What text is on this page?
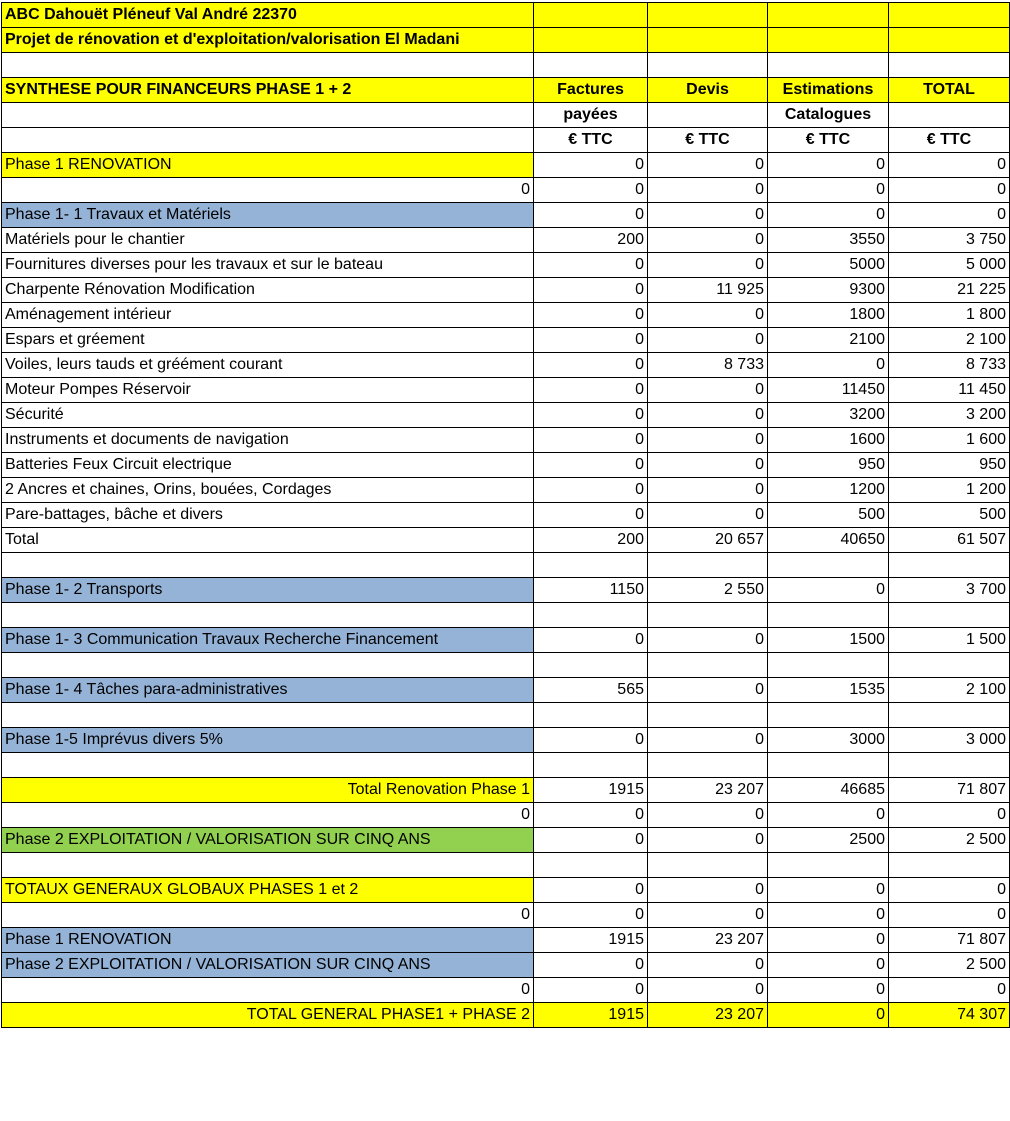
ABC Dahouët Pléneuf Val André 22370				
Projet de rénovation et d'exploitation/valorisation El Madani				

SYNTHESE POUR FINANCEURS PHASE 1 + 2	Factures	Devis	Estimations	TOTAL
	payées		Catalogues	
	€ TTC	€ TTC	€ TTC	€ TTC
Phase 1 RENOVATION	0	0	0	0
0	0	0	0	0
Phase 1- 1 Travaux et Matériels	0	0	0	0
Matériels pour le chantier	200	0	3550	3 750
Fournitures diverses pour les travaux et sur le bateau	0	0	5000	5 000
Charpente Rénovation Modification	0	11 925	9300	21 225
Aménagement intérieur	0	0	1800	1 800
Espars et gréement	0	0	2100	2 100
Voiles, leurs tauds et gréément courant	0	8 733	0	8 733
Moteur Pompes Réservoir	0	0	11450	11 450
Sécurité	0	0	3200	3 200
Instruments et documents de navigation	0	0	1600	1 600
Batteries Feux Circuit electrique	0	0	950	950
2 Ancres et chaines, Orins, bouées, Cordages	0	0	1200	1 200
Pare-battages, bâche et divers	0	0	500	500
Total	200	20 657	40650	61 507

Phase 1- 2 Transports	1150	2 550	0	3 700

Phase 1- 3 Communication Travaux Recherche Financement	0	0	1500	1 500

Phase 1- 4 Tâches para-administratives	565	0	1535	2 100

Phase 1-5 Imprévus divers 5%	0	0	3000	3 000

Total Renovation Phase 1	1915	23 207	46685	71 807
0	0	0	0	0
Phase 2 EXPLOITATION / VALORISATION SUR CINQ ANS	0	0	2500	2 500

TOTAUX GENERAUX GLOBAUX PHASES 1 et 2	0	0	0	0
0	0	0	0	0
Phase 1 RENOVATION	1915	23 207	0	71 807
Phase 2 EXPLOITATION / VALORISATION SUR CINQ ANS	0	0	0	2 500
0	0	0	0	0
TOTAL GENERAL PHASE1 + PHASE 2	1915	23 207	0	74 307
